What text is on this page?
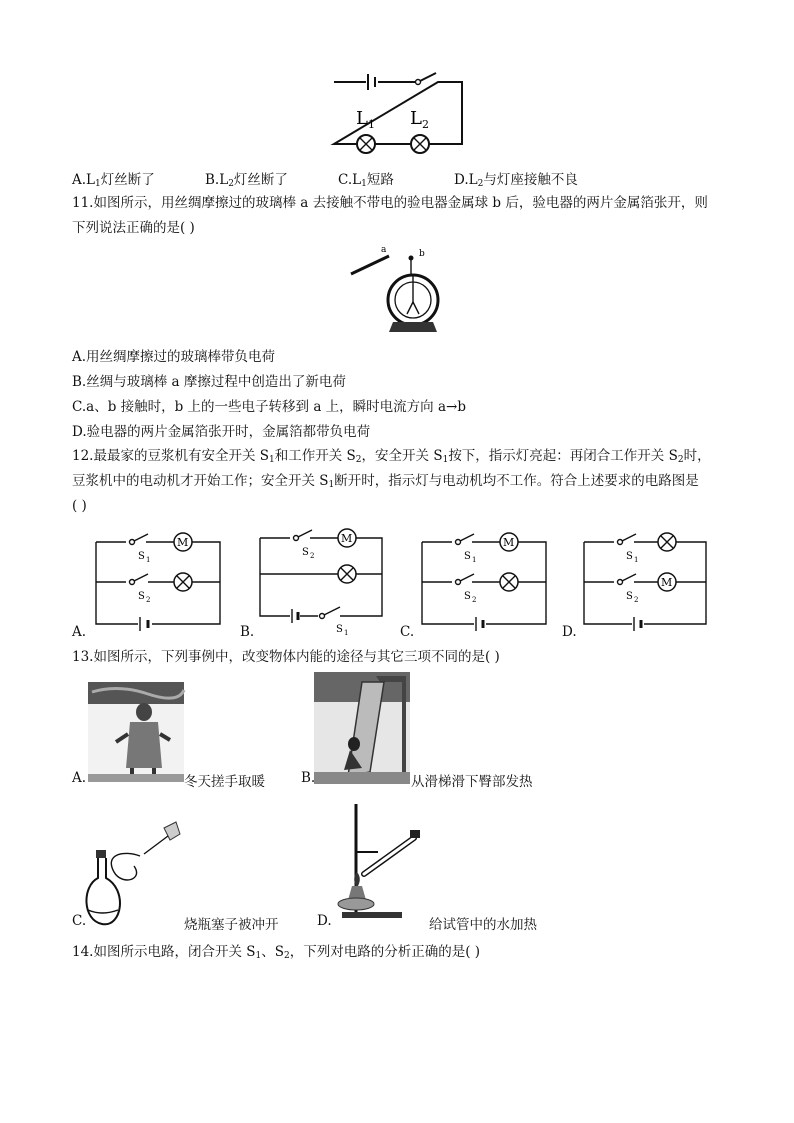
$L_1$ $L_2$
$A.L_1$灯丝断了	$B.L_2$灯丝断了	$C.L_1$短路	$D.L_2$与灯座接触不良
11.如图所示，用丝绸摩擦过的玻璃棒 a 去接触不带电的验电器金属球 b 后，验电器的两片金属箔张开，则
下列说法正确的是( )
a	b
A.用丝绸摩擦过的玻璃棒带负电荷
B.丝绸与玻璃棒 a 摩擦过程中创造出了新电荷
C.a、b 接触时，b 上的一些电子转移到 a 上，瞬时电流方向 a→b
D.验电器的两片金属箔张开时，金属箔都带负电荷
12.最最家的豆浆机有安全开关 $S_1$和工作开关 $S_2$，安全开关 $S_1$按下，指示灯亮起：再闭合工作开关 $S_2$时，
豆浆机中的电动机才开始工作；安全开关 $S_1$断开时，指示灯与电动机均不工作。符合上述要求的电路图是
( )
M
S 1
S 2
A.
M
S 2
S 1
B.
M
S 1
S 2
C.
M
S 1
S 2
D.
13.如图所示，下列事例中，改变物体内能的途径与其它三项不同的是( )
A.	冬天搓手取暖	B.	从滑梯滑下臀部发热
C.	烧瓶塞子被冲开	D.	给试管中的水加热
14.如图所示电路，闭合开关 $S_1$、$S_2$，下列对电路的分析正确的是( )
